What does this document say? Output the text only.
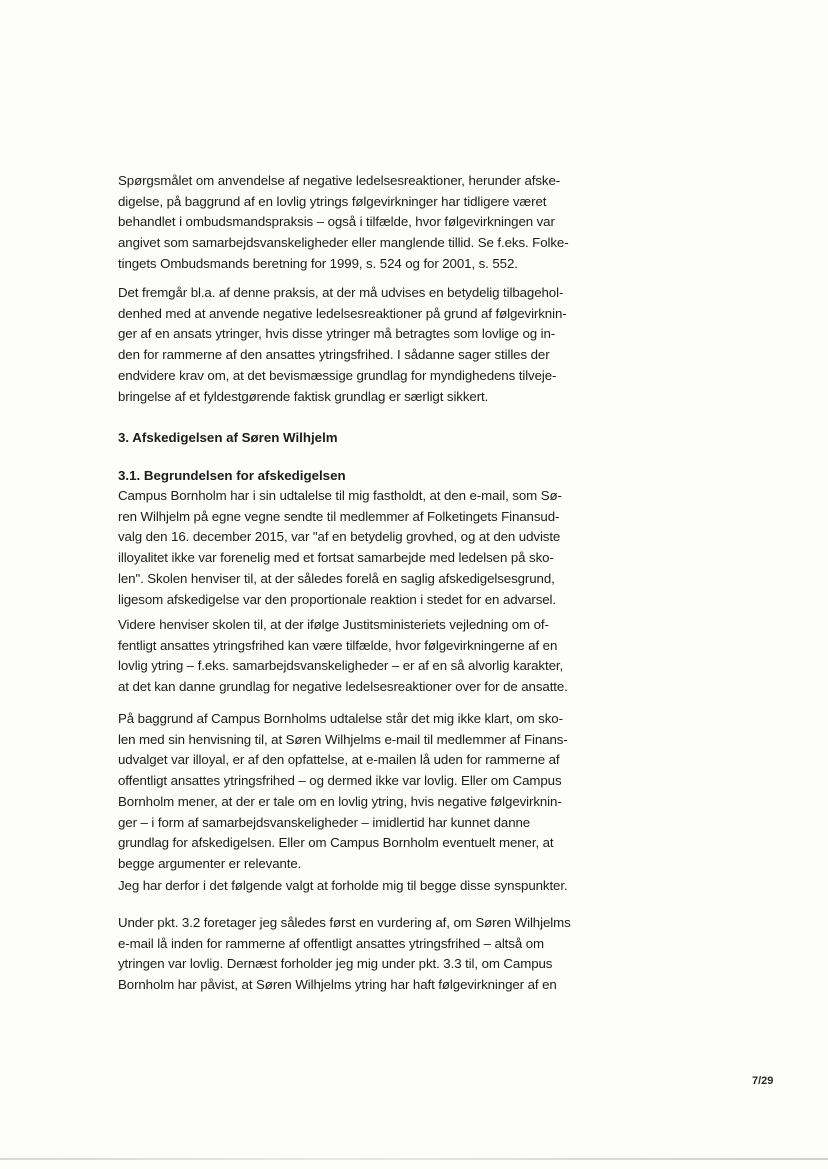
Spørgsmålet om anvendelse af negative ledelsesreaktioner, herunder afske-
digelse, på baggrund af en lovlig ytrings følgevirkninger har tidligere været
behandlet i ombudsmandspraksis – også i tilfælde, hvor følgevirkningen var
angivet som samarbejdsvanskeligheder eller manglende tillid. Se f.eks. Folke-
tingets Ombudsmands beretning for 1999, s. 524 og for 2001, s. 552.
Det fremgår bl.a. af denne praksis, at der må udvises en betydelig tilbagehol-
denhed med at anvende negative ledelsesreaktioner på grund af følgevirknin-
ger af en ansats ytringer, hvis disse ytringer må betragtes som lovlige og in-
den for rammerne af den ansattes ytringsfrihed. I sådanne sager stilles der
endvidere krav om, at det bevismæssige grundlag for myndighedens tilveje-
bringelse af et fyldestgørende faktisk grundlag er særligt sikkert.
3. Afskedigelsen af Søren Wilhjelm
3.1. Begrundelsen for afskedigelsen
Campus Bornholm har i sin udtalelse til mig fastholdt, at den e-mail, som Sø-
ren Wilhjelm på egne vegne sendte til medlemmer af Folketingets Finansud-
valg den 16. december 2015, var "af en betydelig grovhed, og at den udviste
illoyalitet ikke var forenelig med et fortsat samarbejde med ledelsen på sko-
len". Skolen henviser til, at der således forelå en saglig afskedigelsesgrund,
ligesom afskedigelse var den proportionale reaktion i stedet for en advarsel.
Videre henviser skolen til, at der ifølge Justitsministeriets vejledning om of-
fentligt ansattes ytringsfrihed kan være tilfælde, hvor følgevirkningerne af en
lovlig ytring – f.eks. samarbejdsvanskeligheder – er af en så alvorlig karakter,
at det kan danne grundlag for negative ledelsesreaktioner over for de ansatte.
På baggrund af Campus Bornholms udtalelse står det mig ikke klart, om sko-
len med sin henvisning til, at Søren Wilhjelms e-mail til medlemmer af Finans-
udvalget var illoyal, er af den opfattelse, at e-mailen lå uden for rammerne af
offentligt ansattes ytringsfrihed – og dermed ikke var lovlig. Eller om Campus
Bornholm mener, at der er tale om en lovlig ytring, hvis negative følgevirknin-
ger – i form af samarbejdsvanskeligheder – imidlertid har kunnet danne
grundlag for afskedigelsen. Eller om Campus Bornholm eventuelt mener, at
begge argumenter er relevante.
Jeg har derfor i det følgende valgt at forholde mig til begge disse synspunkter.
Under pkt. 3.2 foretager jeg således først en vurdering af, om Søren Wilhjelms
e-mail lå inden for rammerne af offentligt ansattes ytringsfrihed – altså om
ytringen var lovlig. Dernæst forholder jeg mig under pkt. 3.3 til, om Campus
Bornholm har påvist, at Søren Wilhjelms ytring har haft følgevirkninger af en
7/29
